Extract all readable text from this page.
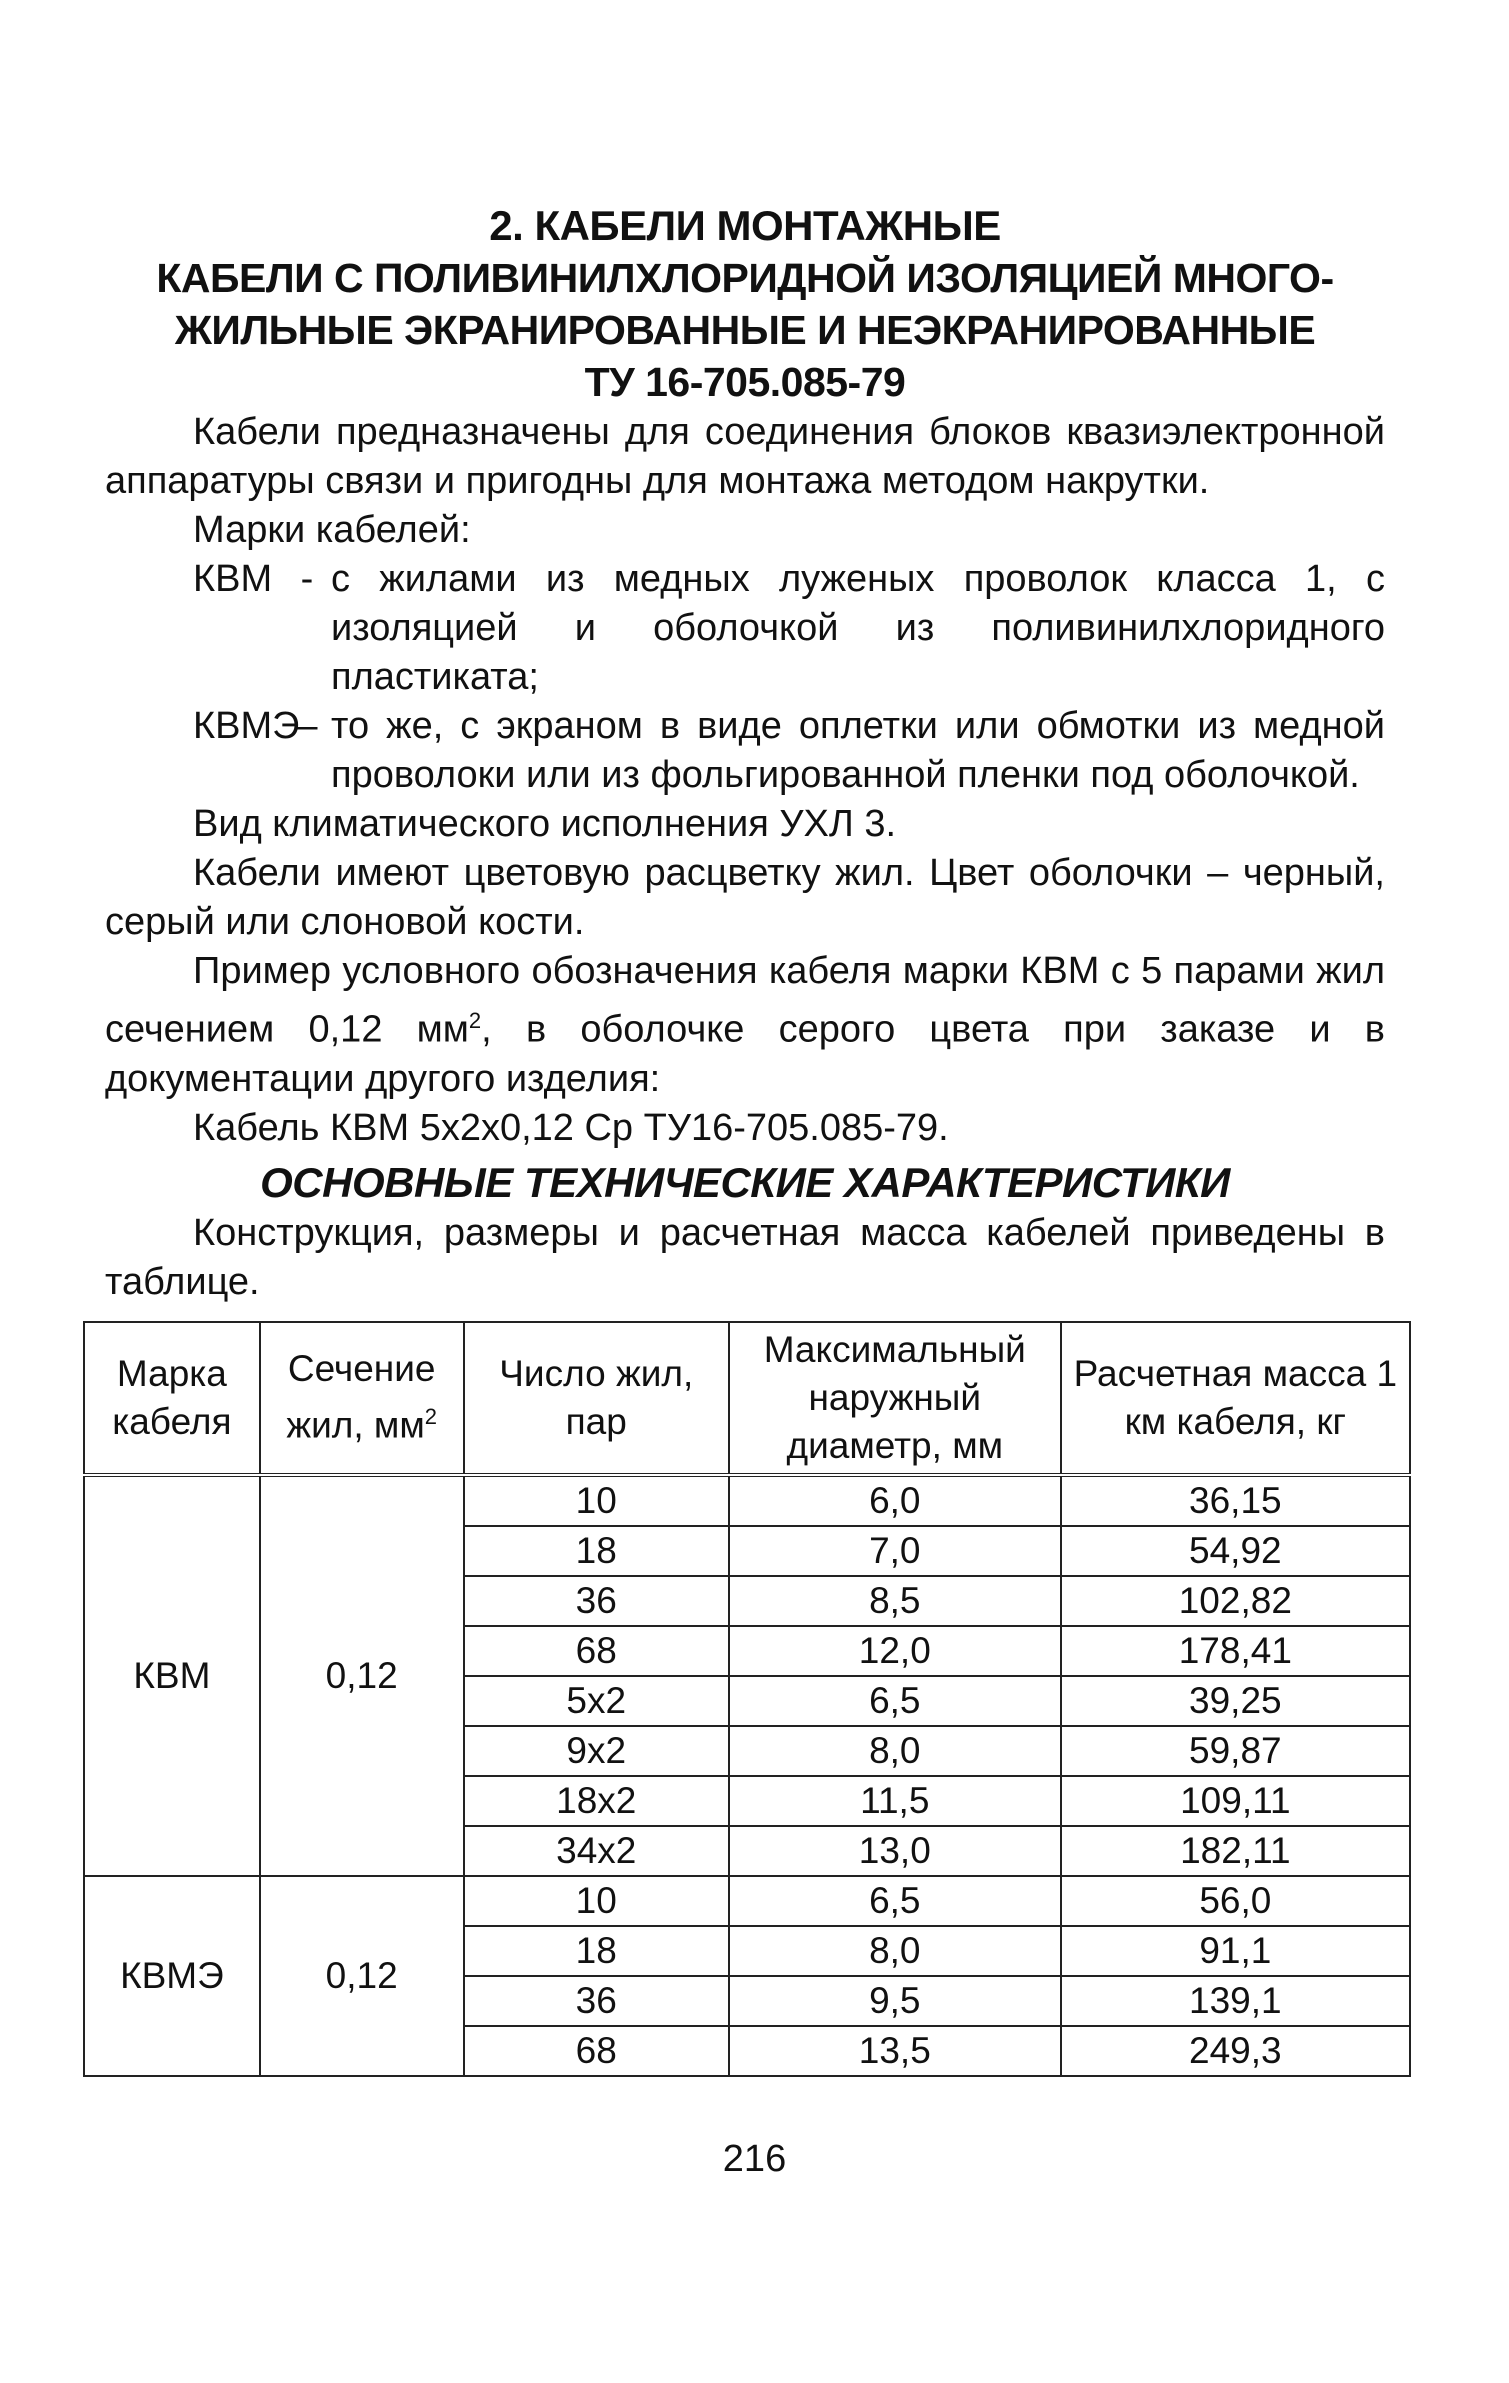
2. КАБЕЛИ МОНТАЖНЫЕ
КАБЕЛИ С ПОЛИВИНИЛХЛОРИДНОЙ ИЗОЛЯЦИЕЙ МНОГО-
ЖИЛЬНЫЕ ЭКРАНИРОВАННЫЕ И НЕЭКРАНИРОВАННЫЕ
ТУ 16-705.085-79

Кабели предназначены для соединения блоков квазиэлектронной аппаратуры связи и пригодны для монтажа методом накрутки.

Марки кабелей:

КВМ - с жилами из медных луженых проволок класса 1, с изоляцией и оболочкой из поливинилхлоридного пластиката;
КВМЭ
– то же, с экраном в виде оплетки или обмотки из медной проволоки или из фольгированной пленки под оболочкой.

Вид климатического исполнения УХЛ 3.

Кабели имеют цветовую расцветку жил. Цвет оболочки – черный, серый или слоновой кости.

Пример условного обозначения кабеля марки КВМ с 5 парами жил сечением 0,12 $мм^2$, в оболочке серого цвета при заказе и в документации другого изделия:

Кабель КВМ 5х2х0,12 Ср ТУ16-705.085-79.

ОСНОВНЫЕ ТЕХНИЧЕСКИЕ ХАРАКТЕРИСТИКИ

Конструкция, размеры и расчетная масса кабелей приведены в таблице.

Марка кабеля	Сечение жил, $мм^2$	Число жил, пар	Максимальный наружный диаметр, мм	Расчетная масса 1 км кабеля, кг
КВМ	0,12	10	6,0	36,15
		18	7,0	54,92
		36	8,5	102,82
		68	12,0	178,41
		5х2	6,5	39,25
		9х2	8,0	59,87
		18х2	11,5	109,11
		34х2	13,0	182,11
КВМЭ	0,12	10	6,5	56,0
		18	8,0	91,1
		36	9,5	139,1
		68	13,5	249,3
216
